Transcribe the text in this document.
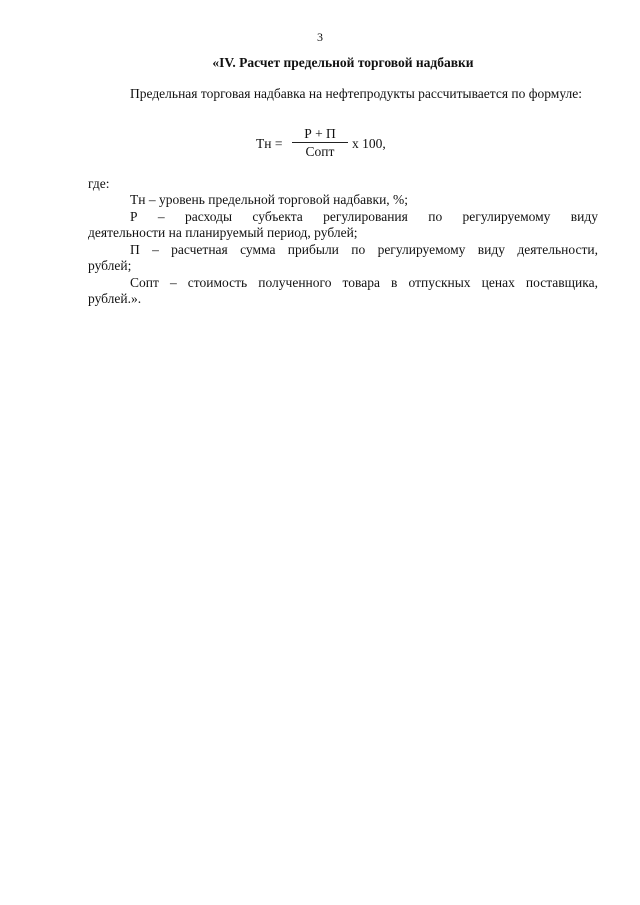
3
«IV. Расчет предельной торговой надбавки
Предельная торговая надбавка на нефтепродукты рассчитывается по формуле:
Тн =
Р + П
Сопт
х 100,
где:

Тн – уровень предельной торговой надбавки, %;

Р – расходы субъекта регулирования по регулируемому виду

деятельности на планируемый период, рублей;

П – расчетная сумма прибыли по регулируемому виду деятельности,

рублей;

Сопт – стоимость полученного товара в отпускных ценах поставщика,

рублей.».
